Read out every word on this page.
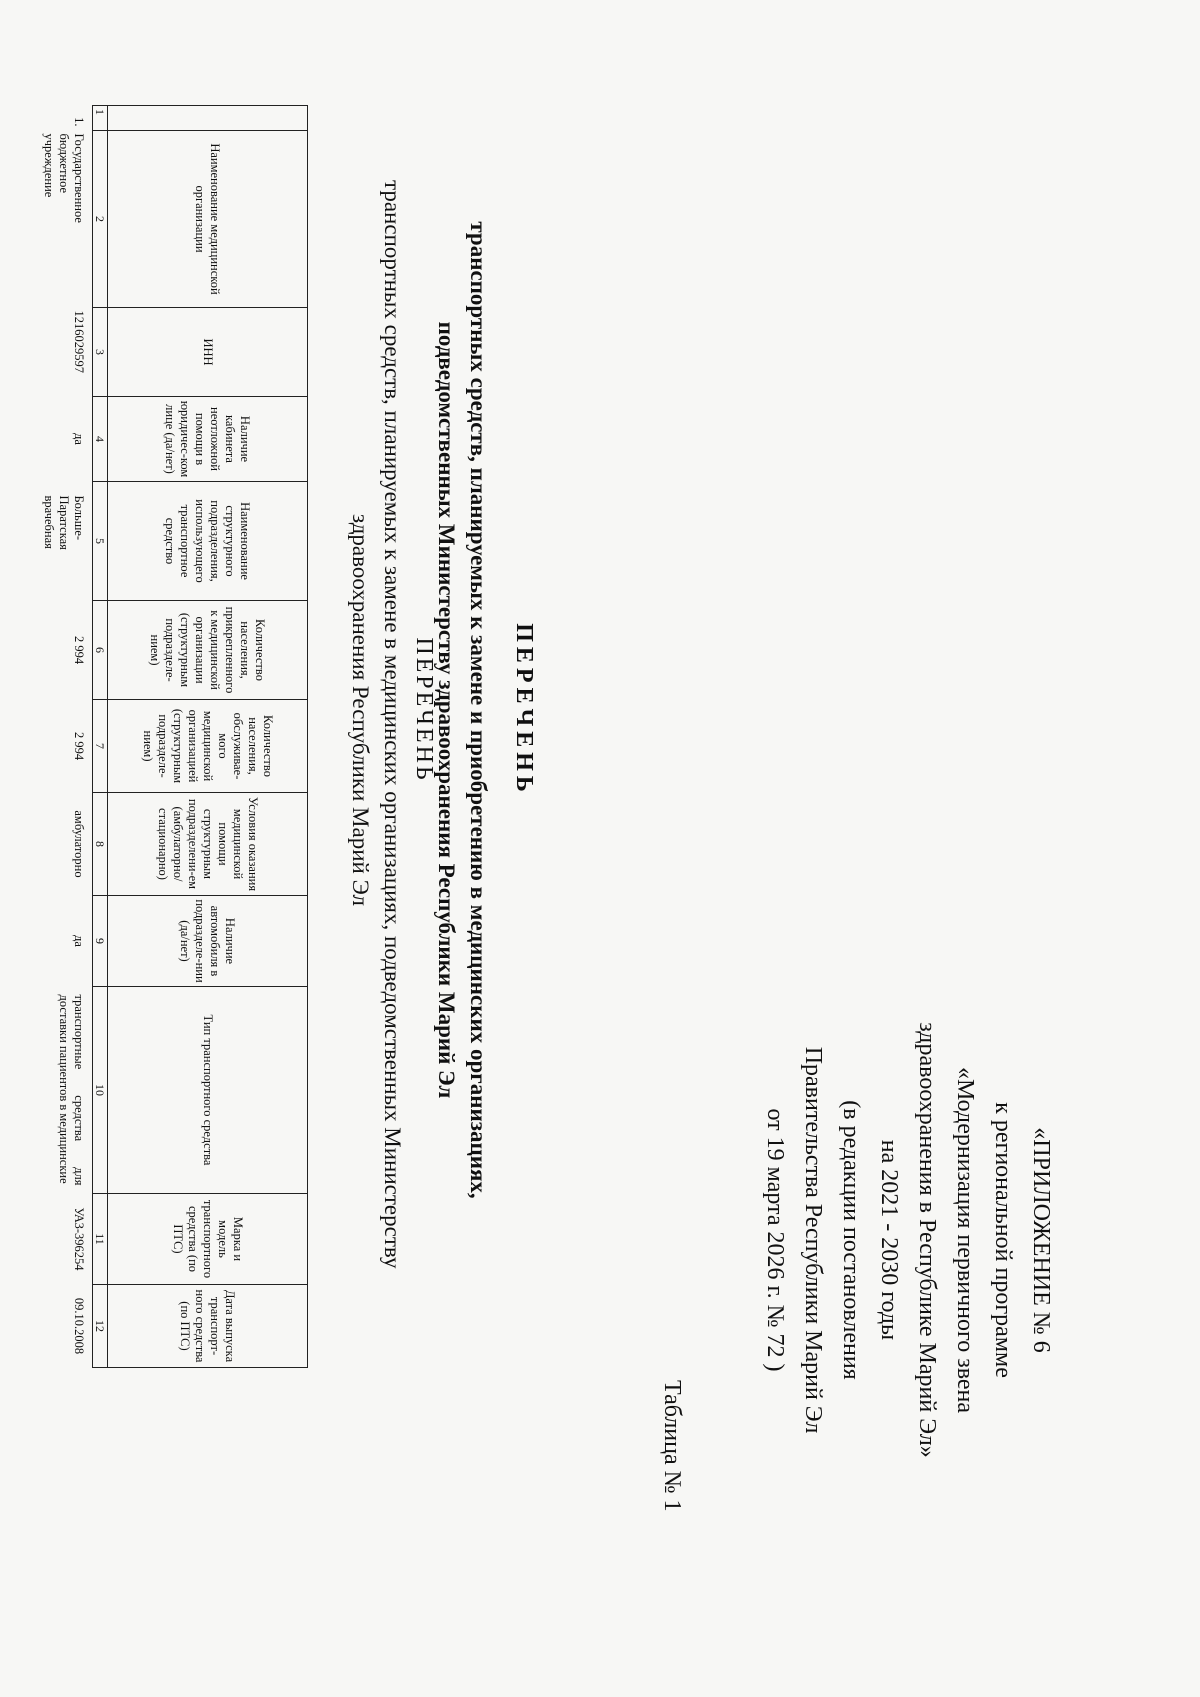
«ПРИЛОЖЕНИЕ № 6
к региональной программе
«Модернизация первичного звена
здравоохранения в Республике Марий Эл»
на 2021 - 2030 годы
(в редакции постановления
Правительства Республики Марий Эл
от 19 марта 2026 г. № 72 )
Таблица № 1
ПЕРЕЧЕНЬ
транспортных средств, планируемых к замене и приобретению в медицинских организациях,
подведомственных Министерству здравоохранения Республики Марий Эл
ПЕРЕЧЕНЬ
транспортных средств, планируемых к замене в медицинских организациях, подведомственных Министерству
здравоохранения Республики Марий Эл
	Наименование медицинской организации	ИНН	Наличие кабинета неотложной помощи в юридичес-ком лице (да/нет)	Наименование структурного подразделения, использующего транспортное средство	Количество населения, прикрепленного к медицинской организации (структурным подразделе-нием)	Количество населения, обслуживае-мого медицинской организацией (структурным подразделе-нием)	Условия оказания медицинской помощи структурным подразделени-ем (амбулаторно/ стационарно)	Наличие автомобиля в подразделе-нии (да/нет)	Тип транспортного средства	Марка и модель транспортного средства (по ПТС)	Дата выпуска транспорт-ного средства (по ПТС)
1	2	3	4	5	6	7	8	9	10	11	12
1.	Государственное бюджетное учреждение	1216029597	да	Больше-Паратская врачебная	2 994	2 994	амбулаторно	да	транспортные средства для доставки пациентов в медицинские	УАЗ-396254	09.10.2008
